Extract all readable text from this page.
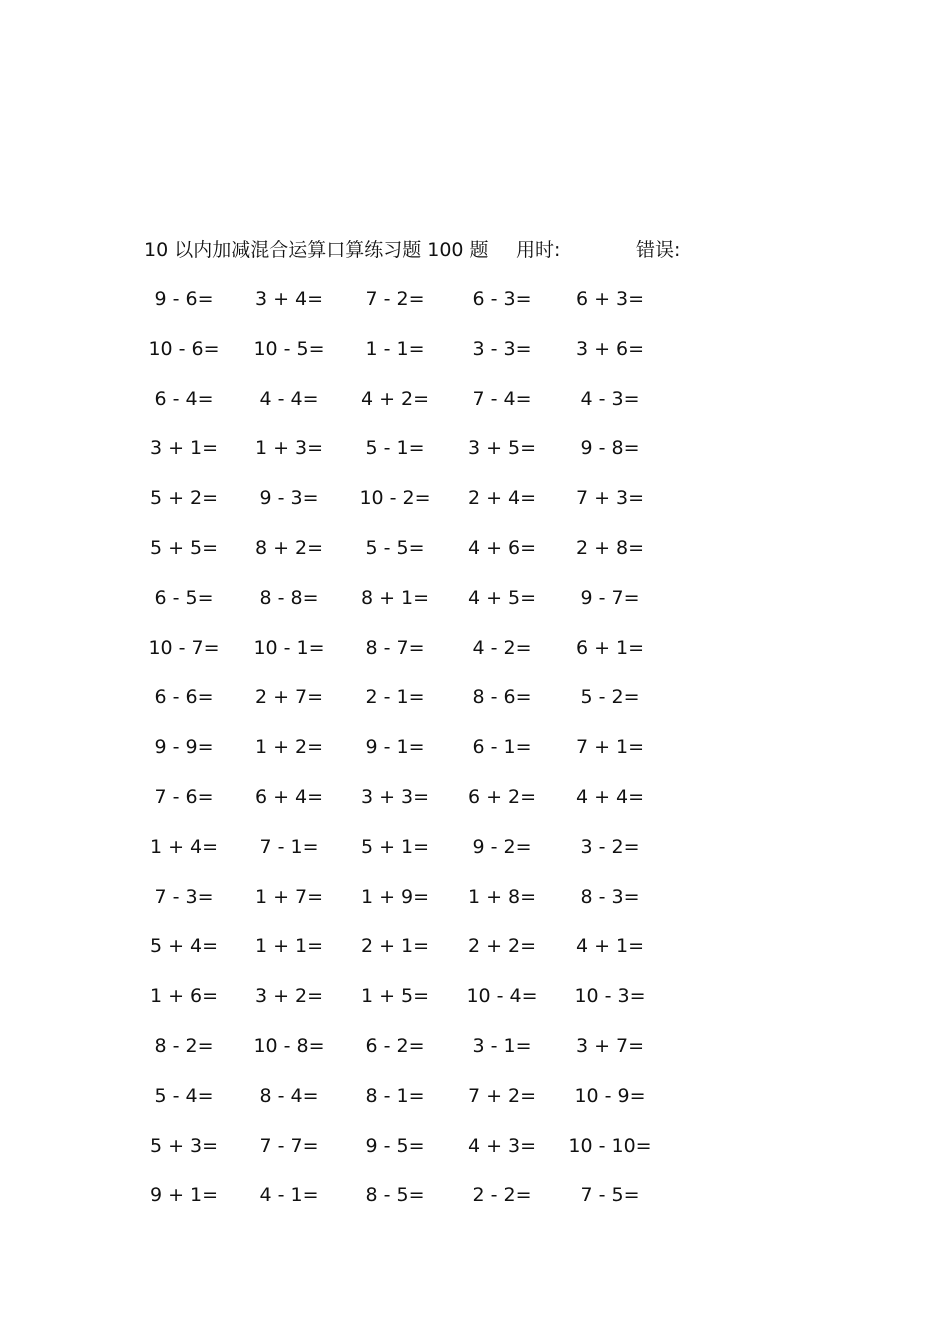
10 以内加减混合运算口算练习题 100 题 用时:	错误:
9 - 6=	3 + 4=	7 - 2=	6 - 3=	6 + 3=
10 - 6=	10 - 5=	1 - 1=	3 - 3=	3 + 6=
6 - 4=	4 - 4=	4 + 2=	7 - 4=	4 - 3=
3 + 1=	1 + 3=	5 - 1=	3 + 5=	9 - 8=
5 + 2=	9 - 3=	10 - 2=	2 + 4=	7 + 3=
5 + 5=	8 + 2=	5 - 5=	4 + 6=	2 + 8=
6 - 5=	8 - 8=	8 + 1=	4 + 5=	9 - 7=
10 - 7=	10 - 1=	8 - 7=	4 - 2=	6 + 1=
6 - 6=	2 + 7=	2 - 1=	8 - 6=	5 - 2=
9 - 9=	1 + 2=	9 - 1=	6 - 1=	7 + 1=
7 - 6=	6 + 4=	3 + 3=	6 + 2=	4 + 4=
1 + 4=	7 - 1=	5 + 1=	9 - 2=	3 - 2=
7 - 3=	1 + 7=	1 + 9=	1 + 8=	8 - 3=
5 + 4=	1 + 1=	2 + 1=	2 + 2=	4 + 1=
1 + 6=	3 + 2=	1 + 5=	10 - 4=	10 - 3=
8 - 2=	10 - 8=	6 - 2=	3 - 1=	3 + 7=
5 - 4=	8 - 4=	8 - 1=	7 + 2=	10 - 9=
5 + 3=	7 - 7=	9 - 5=	4 + 3=	10 - 10=
9 + 1=	4 - 1=	8 - 5=	2 - 2=	7 - 5=
